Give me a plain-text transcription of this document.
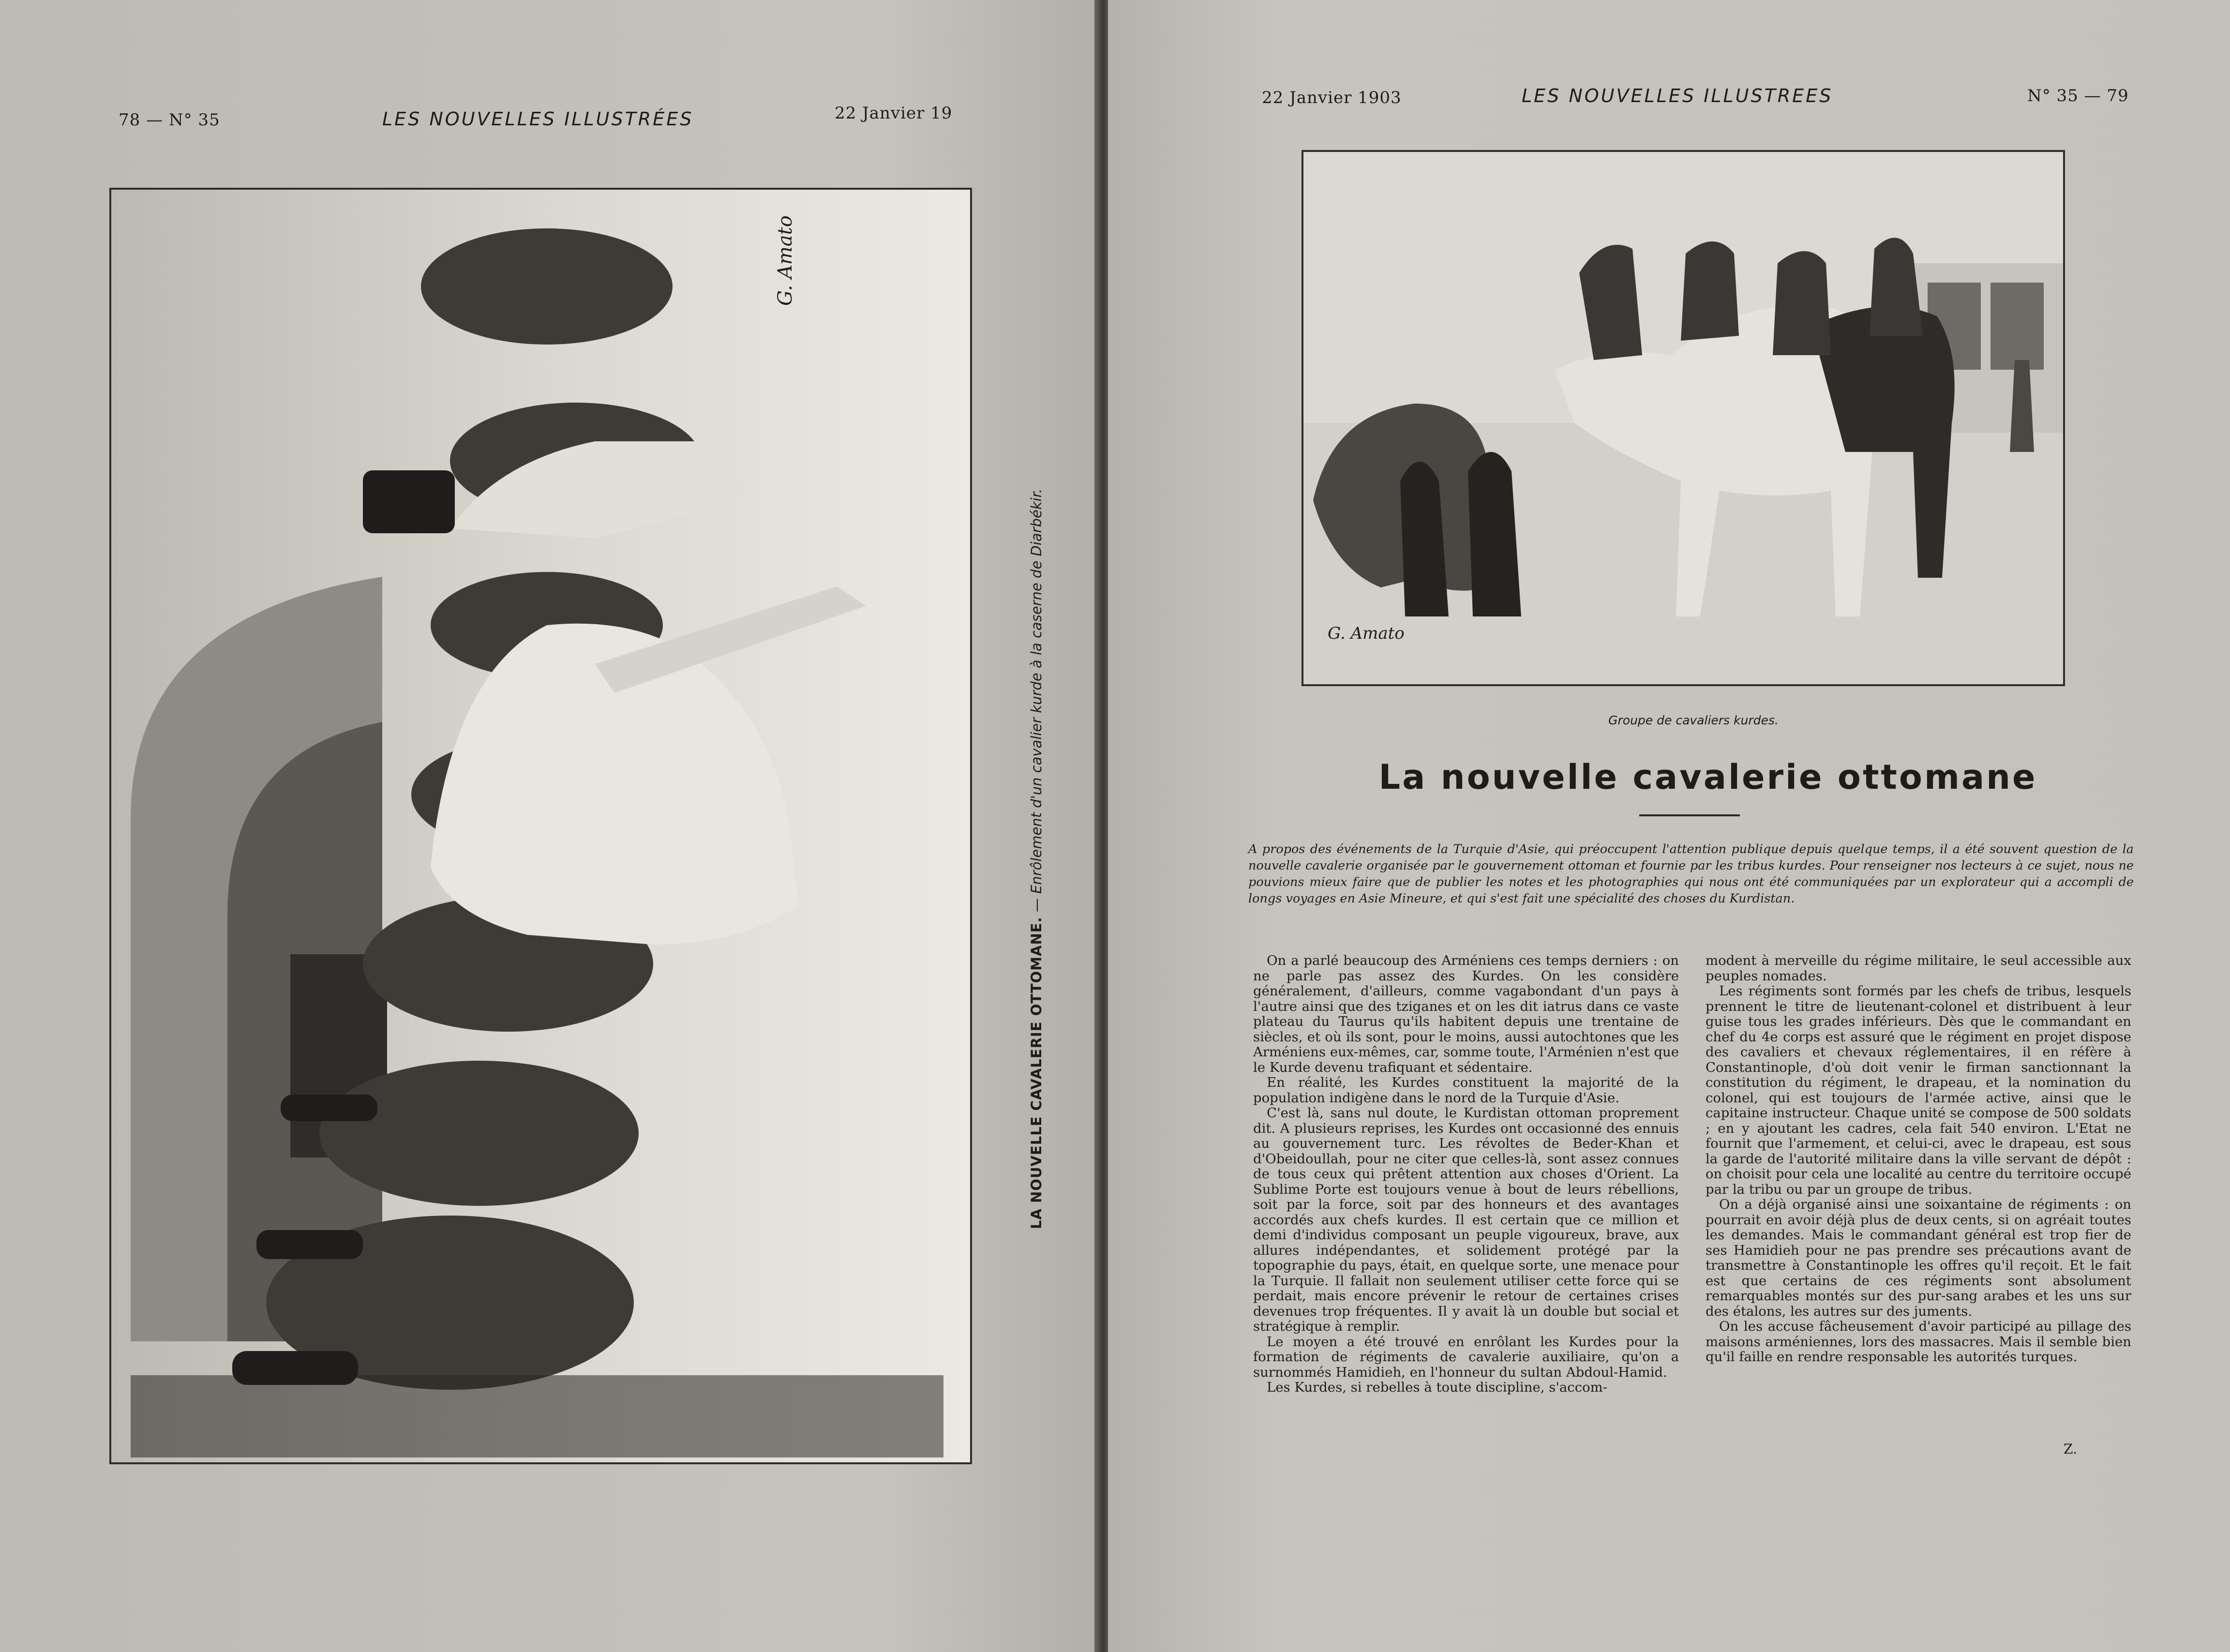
78 — N° 35	LES NOUVELLES ILLUSTRÉES	22 Janvier 19
G. Amato
LA NOUVELLE CAVALERIE OTTOMANE. — Enrôlement d'un cavalier kurde à la caserne de Diarbékir.
22 Janvier 1903	LES NOUVELLES ILLUSTREES	N° 35 — 79
G. Amato
Groupe de cavaliers kurdes.
La nouvelle cavalerie ottomane
A propos des événements de la Turquie d'Asie, qui préoccupent l'attention publique depuis quelque temps, il a été souvent question de la nouvelle cavalerie organisée par le gouvernement ottoman et fournie par les tribus kurdes. Pour renseigner nos lecteurs à ce sujet, nous ne pouvions mieux faire que de publier les notes et les photographies qui nous ont été communiquées par un explorateur qui a accompli de longs voyages en Asie Mineure, et qui s'est fait une spécialité des choses du Kurdistan.

On a parlé beaucoup des Arméniens ces temps derniers : on ne parle pas assez des Kurdes. On les considère généralement, d'ailleurs, comme vagabondant d'un pays à l'autre ainsi que des tziganes et on les dit iatrus dans ce vaste plateau du Taurus qu'ils habitent depuis une trentaine de siècles, et où ils sont, pour le moins, aussi autochtones que les Arméniens eux-mêmes, car, somme toute, l'Arménien n'est que le Kurde devenu trafiquant et sédentaire.

En réalité, les Kurdes constituent la majorité de la population indigène dans le nord de la Turquie d'Asie.

C'est là, sans nul doute, le Kurdistan ottoman proprement dit. A plusieurs reprises, les Kurdes ont occasionné des ennuis au gouvernement turc. Les révoltes de Beder-Khan et d'Obeidoullah, pour ne citer que celles-là, sont assez connues de tous ceux qui prêtent attention aux choses d'Orient. La Sublime Porte est toujours venue à bout de leurs rébellions, soit par la force, soit par des honneurs et des avantages accordés aux chefs kurdes. Il est certain que ce million et demi d'individus composant un peuple vigoureux, brave, aux allures indépendantes, et solidement protégé par la topographie du pays, était, en quelque sorte, une menace pour la Turquie. Il fallait non seulement utiliser cette force qui se perdait, mais encore prévenir le retour de certaines crises devenues trop fréquentes. Il y avait là un double but social et stratégique à remplir.

Le moyen a été trouvé en enrôlant les Kurdes pour la formation de régiments de cavalerie auxiliaire, qu'on a surnommés Hamidieh, en l'honneur du sultan Abdoul-Hamid.

Les Kurdes, si rebelles à toute discipline, s'accom-

modent à merveille du régime militaire, le seul accessible aux peuples nomades.

Les régiments sont formés par les chefs de tribus, lesquels prennent le titre de lieutenant-colonel et distribuent à leur guise tous les grades inférieurs. Dès que le commandant en chef du 4e corps est assuré que le régiment en projet dispose des cavaliers et chevaux réglementaires, il en réfère à Constantinople, d'où doit venir le firman sanctionnant la constitution du régiment, le drapeau, et la nomination du colonel, qui est toujours de l'armée active, ainsi que le capitaine instructeur. Chaque unité se compose de 500 soldats ; en y ajoutant les cadres, cela fait 540 environ. L'Etat ne fournit que l'armement, et celui-ci, avec le drapeau, est sous la garde de l'autorité militaire dans la ville servant de dépôt : on choisit pour cela une localité au centre du territoire occupé par la tribu ou par un groupe de tribus.

On a déjà organisé ainsi une soixantaine de régiments : on pourrait en avoir déjà plus de deux cents, si on agréait toutes les demandes. Mais le commandant général est trop fier de ses Hamidieh pour ne pas prendre ses précautions avant de transmettre à Constantinople les offres qu'il reçoit. Et le fait est que certains de ces régiments sont absolument remarquables montés sur des pur-sang arabes et les uns sur des étalons, les autres sur des juments.

On les accuse fâcheusement d'avoir participé au pillage des maisons arméniennes, lors des massacres. Mais il semble bien qu'il faille en rendre responsable les autorités turques.

Z.
